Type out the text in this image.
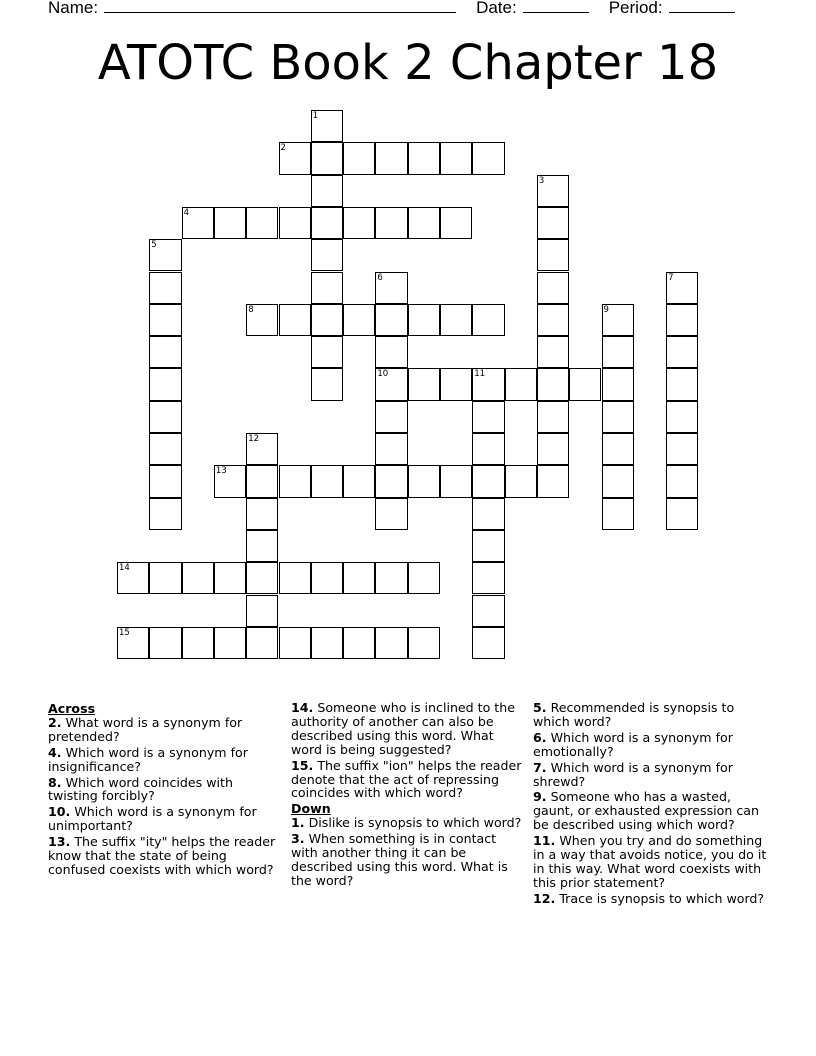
Name:	Date:	Period:
ATOTC Book 2 Chapter 18
1
2
3
4
5
6
10
7
8	9
11
12
13
14
15
Across
2. What word is a synonym for pretended?
4. Which word is a synonym for insignificance?
8. Which word coincides with twisting forcibly?
10. Which word is a synonym for unimportant?
13. The suffix "ity" helps the reader know that the state of being confused coexists with which word?
14. Someone who is inclined to the authority of another can also be described using this word. What word is being suggested?
15. The suffix "ion" helps the reader denote that the act of repressing coincides with which word?
Down
1. Dislike is synopsis to which word?
3. When something is in contact with another thing it can be described using this word. What is the word?
5. Recommended is synopsis to which word?
6. Which word is a synonym for emotionally?
7. Which word is a synonym for shrewd?
9. Someone who has a wasted, gaunt, or exhausted expression can be described using which word?
11. When you try and do something in a way that avoids notice, you do it in this way. What word coexists with this prior statement?
12. Trace is synopsis to which word?
